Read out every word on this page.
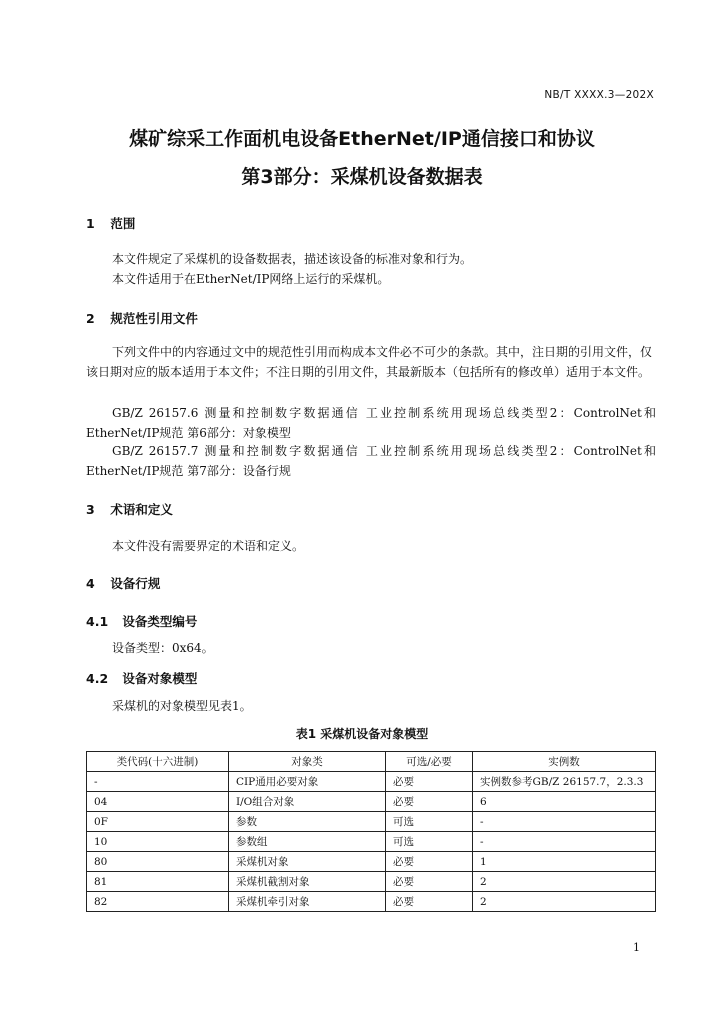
NB/T XXXX.3—202X
煤矿综采工作面机电设备EtherNet/IP通信接口和协议
第3部分：采煤机设备数据表
1 范围
本文件规定了采煤机的设备数据表，描述该设备的标准对象和行为。
本文件适用于在EtherNet/IP网络上运行的采煤机。
2 规范性引用文件
下列文件中的内容通过文中的规范性引用而构成本文件必不可少的条款。其中，注日期的引用文件，仅该日期对应的版本适用于本文件；不注日期的引用文件，其最新版本（包括所有的修改单）适用于本文件。
GB/Z 26157.6 测量和控制数字数据通信 工业控制系统用现场总线类型2：ControlNet和EtherNet/IP规范 第6部分：对象模型
GB/Z 26157.7 测量和控制数字数据通信 工业控制系统用现场总线类型2：ControlNet和EtherNet/IP规范 第7部分：设备行规
3 术语和定义
本文件没有需要界定的术语和定义。
4 设备行规
4.1 设备类型编号
设备类型：0x64。
4.2 设备对象模型
采煤机的对象模型见表1。
表1 采煤机设备对象模型
类代码(十六进制)	对象类	可选/必要	实例数
-	CIP通用必要对象	必要	实例数参考GB/Z 26157.7，2.3.3
04	I/O组合对象	必要	6
0F	参数	可选	-
10	参数组	可选	-
80	采煤机对象	必要	1
81	采煤机截割对象	必要	2
82	采煤机牵引对象	必要	2
1
